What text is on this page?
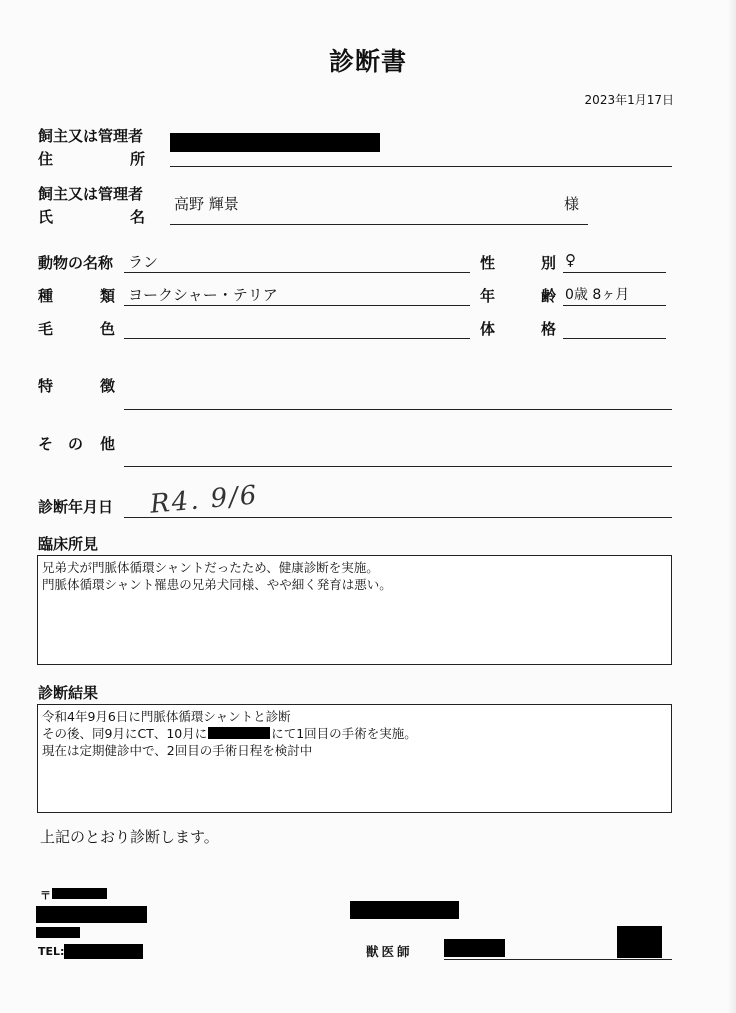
診断書
2023年1月17日
飼主又は管理者
住	所
飼主又は管理者
氏	名
高野 輝景	様
動物の名称 ラン	性	別 ♀
種	類 ヨークシャー・テリア	年	齢 0歳 8ヶ月
毛	色	体	格
特	徴
そ の 他
診断年月日 R4. 9/6
臨床所見
兄弟犬が門脈体循環シャントだったため、健康診断を実施。
門脈体循環シャント罹患の兄弟犬同様、やや細く発育は悪い。
診断結果
令和4年9月6日に門脈体循環シャントと診断
その後、同9月にCT、10月に	にて1回目の手術を実施。
現在は定期健診中で、2回目の手術日程を検討中
上記のとおり診断します。
〒
TEL:	獣医師
